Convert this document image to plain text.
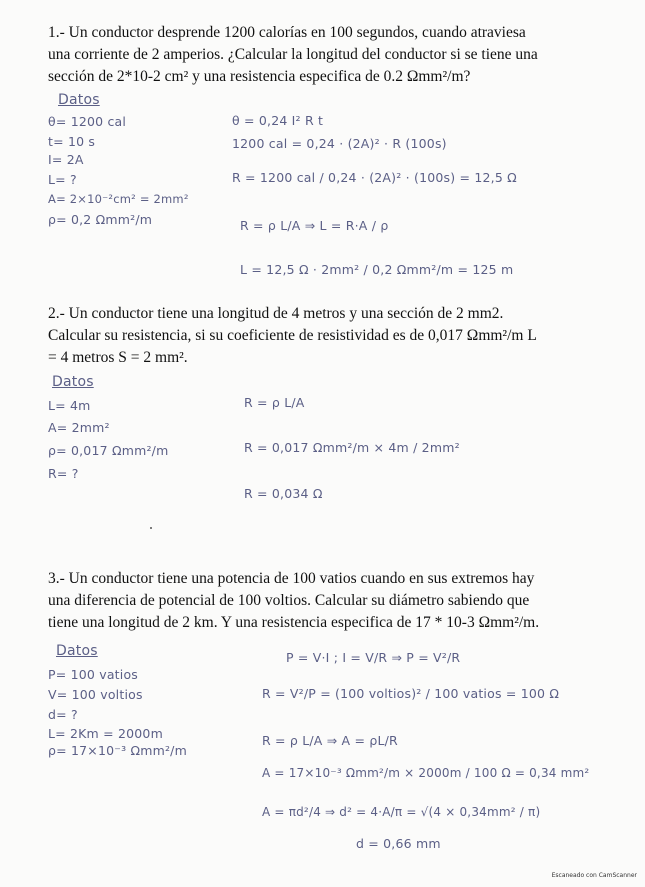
1.- Un conductor desprende 1200 calorías en 100 segundos, cuando atraviesa
una corriente de 2 amperios. ¿Calcular la longitud del conductor si se tiene una
sección de 2*10-2 cm² y una resistencia especifica de 0.2 Ωmm²/m?
Datos
θ= 1200 cal
t= 10 s
I= 2A
L= ?
A= 2×10⁻²cm² = 2mm²
ρ= 0,2 Ωmm²/m
θ = 0,24 I² R t
1200 cal = 0,24 · (2A)² · R (100s)
R = 1200 cal / 0,24 · (2A)² · (100s) = 12,5 Ω
R = ρ L/A ⇒ L = R·A / ρ
L = 12,5 Ω · 2mm² / 0,2 Ωmm²/m = 125 m
2.- Un conductor tiene una longitud de 4 metros y una sección de 2 mm2.
Calcular su resistencia, si su coeficiente de resistividad es de 0,017 Ωmm²/m L
= 4 metros S = 2 mm².
Datos
L= 4m
A= 2mm²
ρ= 0,017 Ωmm²/m
R= ?
R = ρ L/A
R = 0,017 Ωmm²/m × 4m / 2mm²
R = 0,034 Ω
3.- Un conductor tiene una potencia de 100 vatios cuando en sus extremos hay
una diferencia de potencial de 100 voltios. Calcular su diámetro sabiendo que
tiene una longitud de 2 km. Y una resistencia especifica de 17 * 10-3 Ωmm²/m.
Datos
P= 100 vatios
V= 100 voltios
d= ?
L= 2Km = 2000m
ρ= 17×10⁻³ Ωmm²/m
P = V·I ; I = V/R ⇒ P = V²/R
R = V²/P = (100 voltios)² / 100 vatios = 100 Ω
R = ρ L/A ⇒ A = ρL/R
A = 17×10⁻³ Ωmm²/m × 2000m / 100 Ω = 0,34 mm²
A = πd²/4 ⇒ d² = 4·A/π = √(4 × 0,34mm² / π)
d = 0,66 mm
Escaneado con CamScanner
